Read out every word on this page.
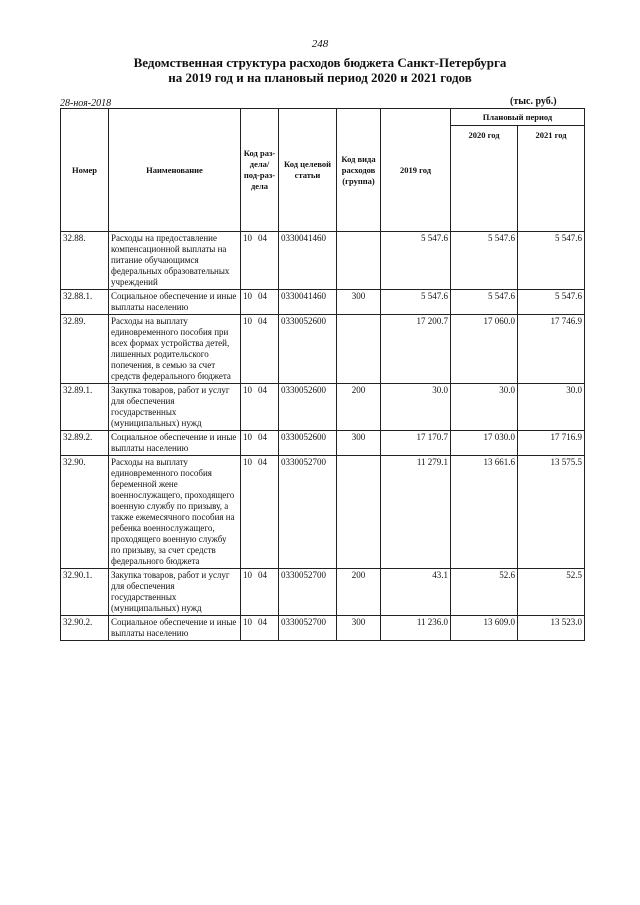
248
Ведомственная структура расходов бюджета Санкт-Петербурга
на 2019 год и на плановый период 2020 и 2021 годов
28-ноя-2018	(тыс. руб.)
Номер	Наименование	Код раз-дела/ под-раз-дела	Код целевой статьи	Код вида расходов (группа)	2019 год	Плановый период	
						2020 год	2021 год
32.88.	Расходы на предоставление компенсационной выплаты на питание обучающимся федеральных образовательных учреждений	10 04	0330041460		5 547.6	5 547.6	5 547.6
32.88.1.	Социальное обеспечение и иные выплаты населению	10 04	0330041460	300	5 547.6	5 547.6	5 547.6
32.89.	Расходы на выплату единовременного пособия при всех формах устройства детей, лишенных родительского попечения, в семью за счет средств федерального бюджета	10 04	0330052600		17 200.7	17 060.0	17 746.9
32.89.1.	Закупка товаров, работ и услуг для обеспечения государственных (муниципальных) нужд	10 04	0330052600	200	30.0	30.0	30.0
32.89.2.	Социальное обеспечение и иные выплаты населению	10 04	0330052600	300	17 170.7	17 030.0	17 716.9
32.90.	Расходы на выплату единовременного пособия беременной жене военнослужащего, проходящего военную службу по призыву, а также ежемесячного пособия на ребенка военнослужащего, проходящего военную службу по призыву, за счет средств федерального бюджета	10 04	0330052700		11 279.1	13 661.6	13 575.5
32.90.1.	Закупка товаров, работ и услуг для обеспечения государственных (муниципальных) нужд	10 04	0330052700	200	43.1	52.6	52.5
32.90.2.	Социальное обеспечение и иные выплаты населению	10 04	0330052700	300	11 236.0	13 609.0	13 523.0
